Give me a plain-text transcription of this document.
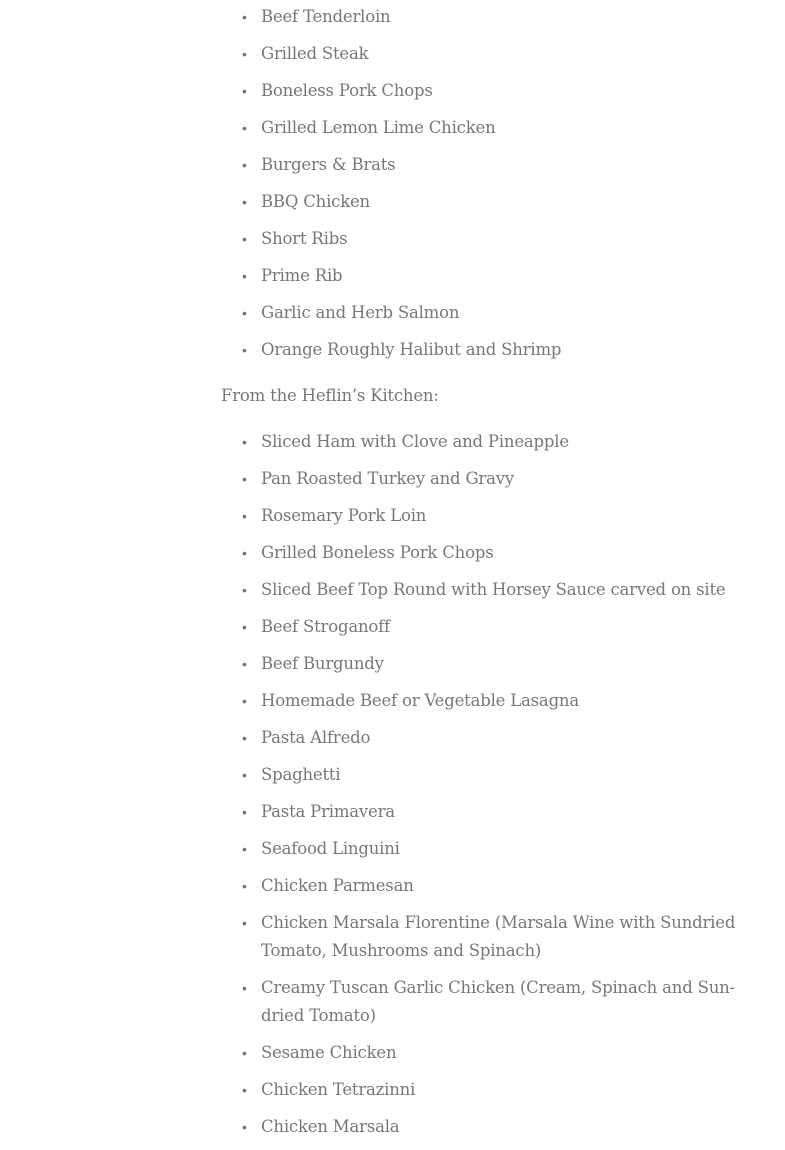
• Beef Tenderloin
• Grilled Steak
• Boneless Pork Chops
• Grilled Lemon Lime Chicken
• Burgers & Brats
• BBQ Chicken
• Short Ribs
• Prime Rib
• Garlic and Herb Salmon
• Orange Roughly Halibut and Shrimp

From the Heflin’s Kitchen:

• Sliced Ham with Clove and Pineapple
• Pan Roasted Turkey and Gravy
• Rosemary Pork Loin
• Grilled Boneless Pork Chops
• Sliced Beef Top Round with Horsey Sauce carved on site
• Beef Stroganoff
• Beef Burgundy
• Homemade Beef or Vegetable Lasagna
• Pasta Alfredo
• Spaghetti
• Pasta Primavera
• Seafood Linguini
• Chicken Parmesan
• Chicken Marsala Florentine (Marsala Wine with Sundried Tomato, Mushrooms and Spinach)
• Creamy Tuscan Garlic Chicken (Cream, Spinach and Sun-dried Tomato)
• Sesame Chicken
• Chicken Tetrazinni
• Chicken Marsala
